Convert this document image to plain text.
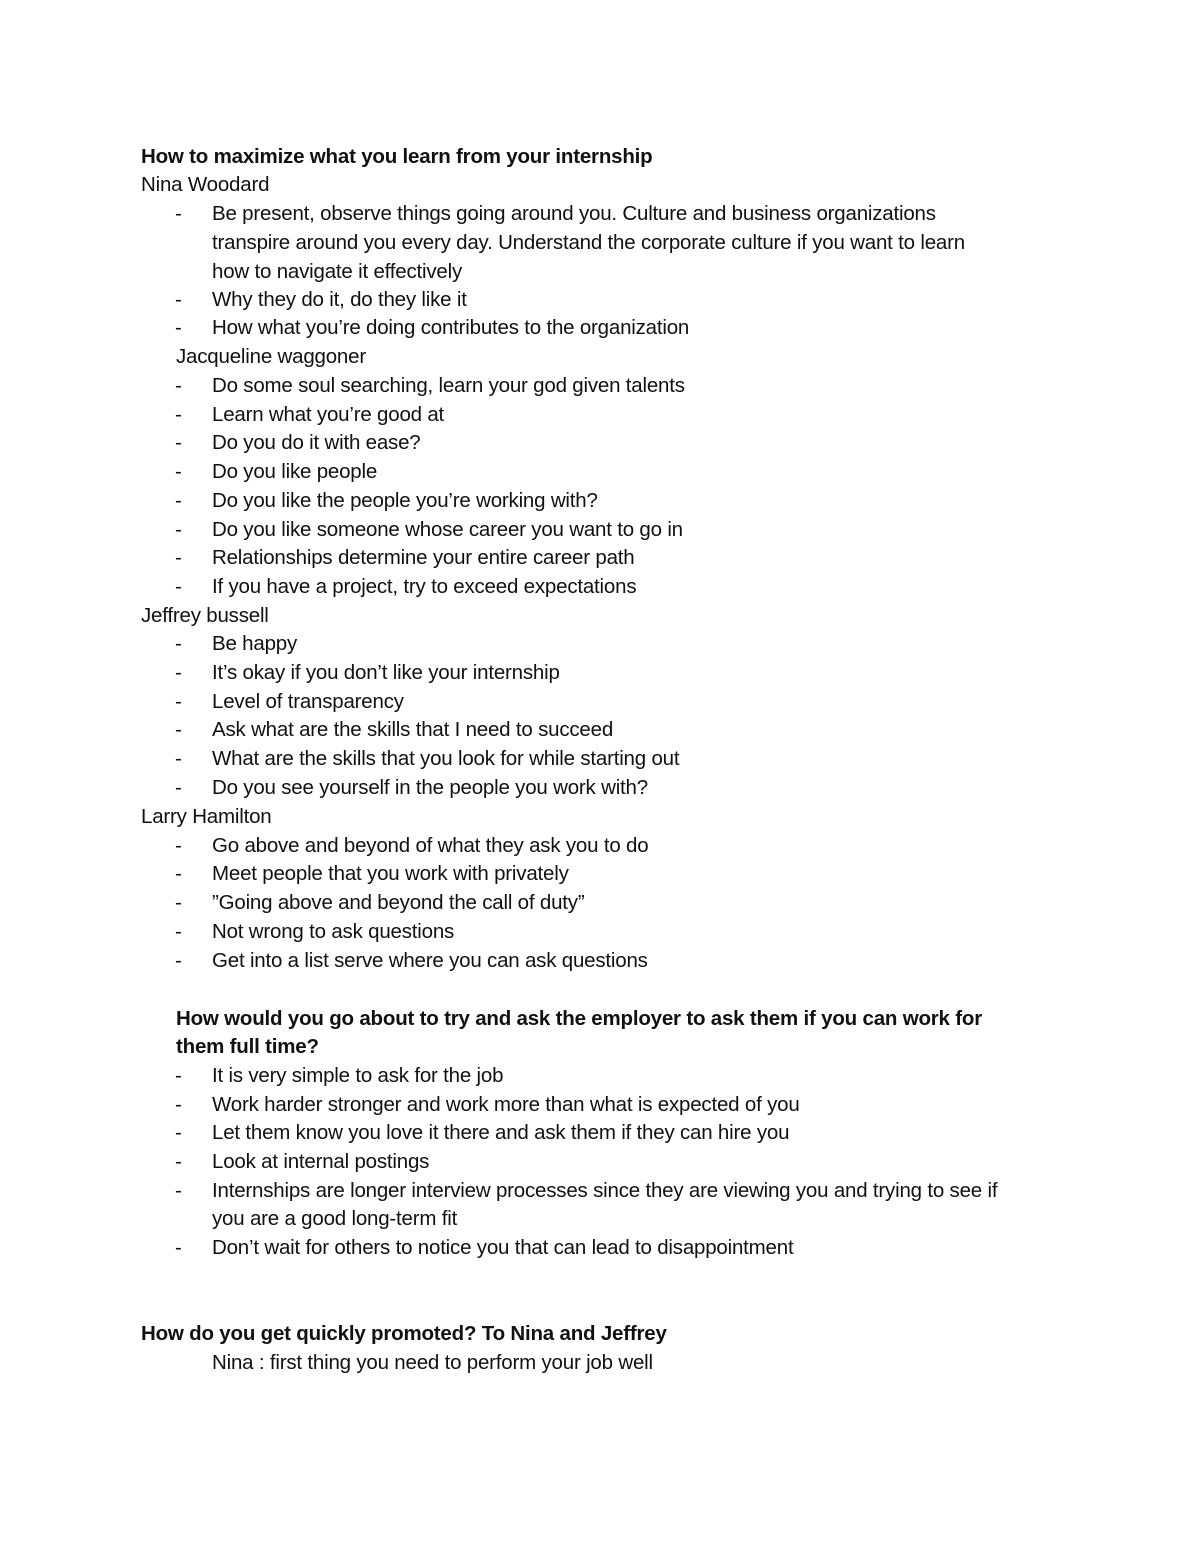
How to maximize what you learn from your internship
Nina Woodard
- Be present, observe things going around you. Culture and business organizations
transpire around you every day. Understand the corporate culture if you want to learn
how to navigate it effectively
- Why they do it, do they like it
- How what you’re doing contributes to the organization
Jacqueline waggoner
- Do some soul searching, learn your god given talents
- Learn what you’re good at
- Do you do it with ease?
- Do you like people
- Do you like the people you’re working with?
- Do you like someone whose career you want to go in
- Relationships determine your entire career path
- If you have a project, try to exceed expectations
Jeffrey bussell
- Be happy
- It’s okay if you don’t like your internship
- Level of transparency
- Ask what are the skills that I need to succeed
- What are the skills that you look for while starting out
- Do you see yourself in the people you work with?
Larry Hamilton
- Go above and beyond of what they ask you to do
- Meet people that you work with privately
- ”Going above and beyond the call of duty”
- Not wrong to ask questions
- Get into a list serve where you can ask questions
How would you go about to try and ask the employer to ask them if you can work for
them full time?
- It is very simple to ask for the job
- Work harder stronger and work more than what is expected of you
- Let them know you love it there and ask them if they can hire you
- Look at internal postings
- Internships are longer interview processes since they are viewing you and trying to see if
you are a good long-term fit
- Don’t wait for others to notice you that can lead to disappointment
How do you get quickly promoted? To Nina and Jeffrey
Nina : first thing you need to perform your job well
